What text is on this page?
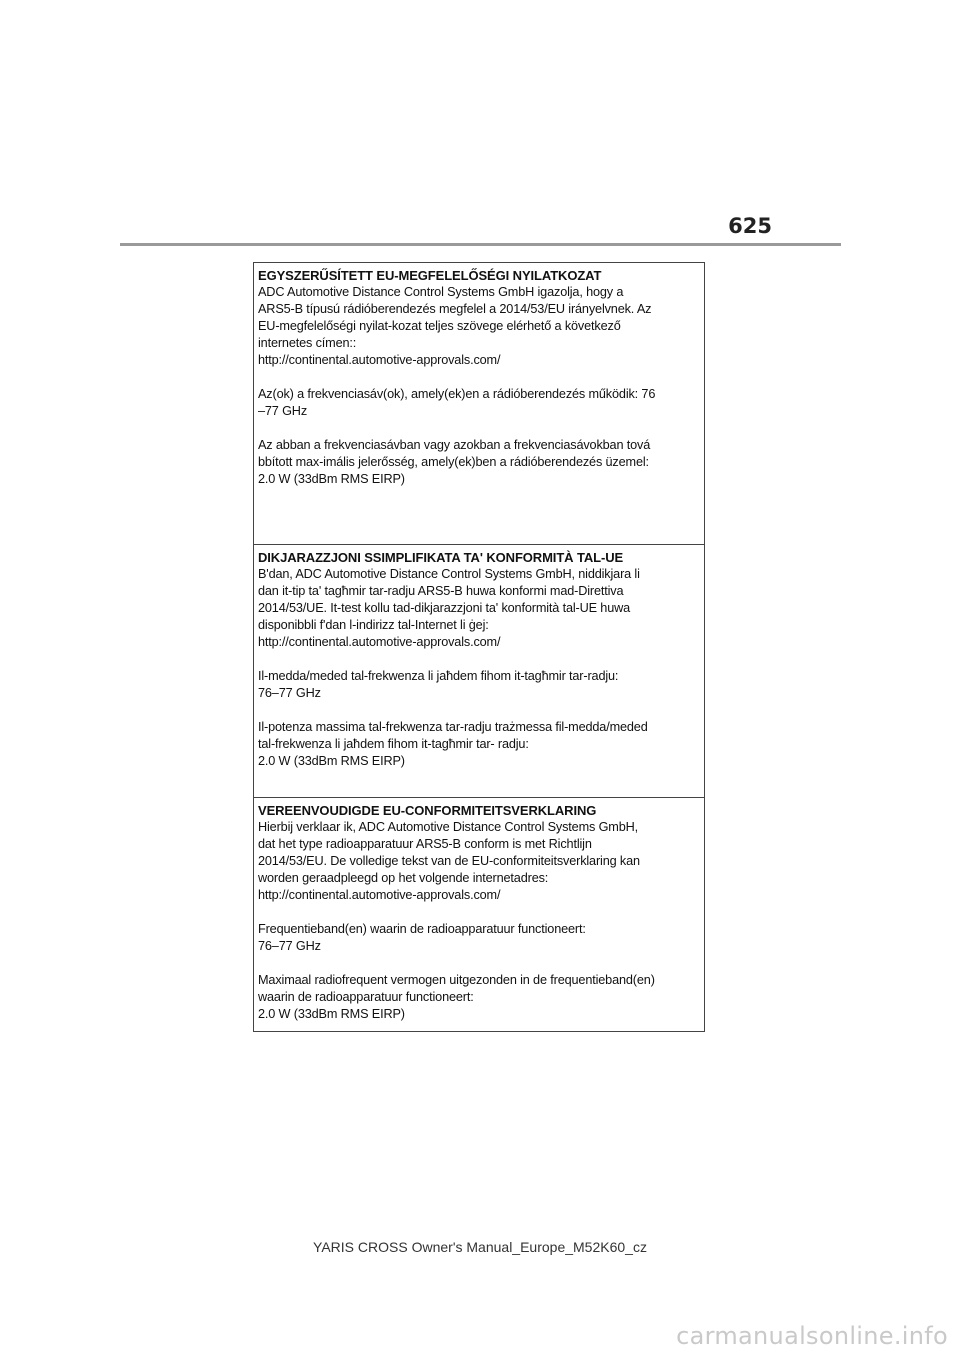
625
EGYSZERŰSÍTETT EU-MEGFELELŐSÉGI NYILATKOZAT
ADC Automotive Distance Control Systems GmbH igazolja, hogy a
ARS5-B típusú rádióberendezés megfelel a 2014/53/EU irányelvnek. Az
EU-megfelelőségi nyilat-kozat teljes szövege elérhető a következő
internetes címen::
http://continental.automotive-approvals.com/
Az(ok) a frekvenciasáv(ok), amely(ek)en a rádióberendezés működik: 76
–77 GHz
Az abban a frekvenciasávban vagy azokban a frekvenciasávokban tová
bbított max-imális jelerősség, amely(ek)ben a rádióberendezés üzemel:
2.0 W (33dBm RMS EIRP)
DIKJARAZZJONI SSIMPLIFIKATA TA' KONFORMITÀ TAL-UE
B'dan, ADC Automotive Distance Control Systems GmbH, niddikjara li
dan it-tip ta' tagħmir tar-radju ARS5-B huwa konformi mad-Direttiva
2014/53/UE. It-test kollu tad-dikjarazzjoni ta' konformità tal-UE huwa
disponibbli f'dan l-indirizz tal-Internet li ġej:
http://continental.automotive-approvals.com/
Il-medda/meded tal-frekwenza li jaħdem fihom it-tagħmir tar-radju:
76–77 GHz
Il-potenza massima tal-frekwenza tar-radju trażmessa fil-medda/meded
tal-frekwenza li jaħdem fihom it-tagħmir tar- radju:
2.0 W (33dBm RMS EIRP)
VEREENVOUDIGDE EU-CONFORMITEITSVERKLARING
Hierbij verklaar ik, ADC Automotive Distance Control Systems GmbH,
dat het type radioapparatuur ARS5-B conform is met Richtlijn
2014/53/EU. De volledige tekst van de EU-conformiteitsverklaring kan
worden geraadpleegd op het volgende internetadres:
http://continental.automotive-approvals.com/
Frequentieband(en) waarin de radioapparatuur functioneert:
76–77 GHz
Maximaal radiofrequent vermogen uitgezonden in de frequentieband(en)
waarin de radioapparatuur functioneert:
2.0 W (33dBm RMS EIRP)
YARIS CROSS Owner's Manual_Europe_M52K60_cz
carmanualsonline.info
